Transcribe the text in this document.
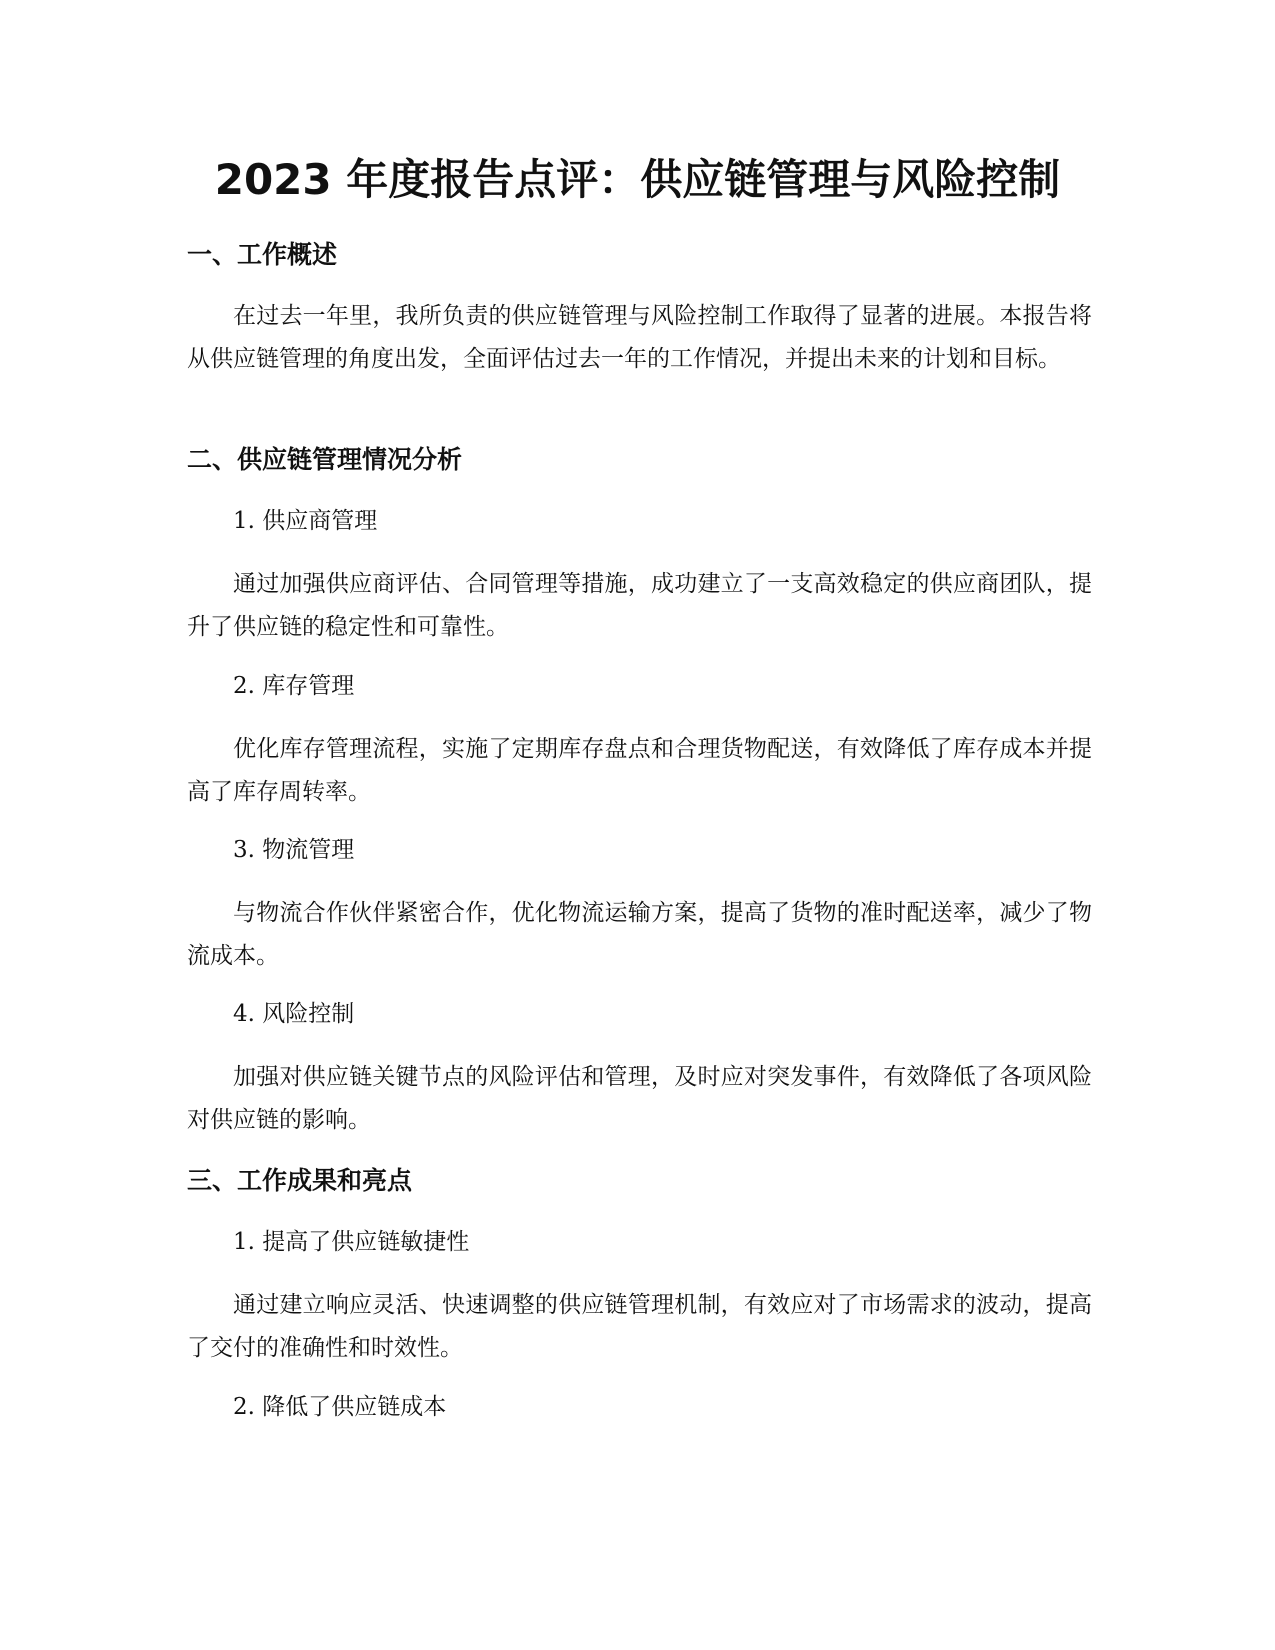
2023 年度报告点评：供应链管理与风险控制
一、工作概述

在过去一年里，我所负责的供应链管理与风险控制工作取得了显著的进展。本报告将从供应链管理的角度出发，全面评估过去一年的工作情况，并提出未来的计划和目标。

二、供应链管理情况分析

1. 供应商管理

通过加强供应商评估、合同管理等措施，成功建立了一支高效稳定的供应商团队，提升了供应链的稳定性和可靠性。

2. 库存管理

优化库存管理流程，实施了定期库存盘点和合理货物配送，有效降低了库存成本并提高了库存周转率。

3. 物流管理

与物流合作伙伴紧密合作，优化物流运输方案，提高了货物的准时配送率，减少了物流成本。

4. 风险控制

加强对供应链关键节点的风险评估和管理，及时应对突发事件，有效降低了各项风险对供应链的影响。

三、工作成果和亮点

1. 提高了供应链敏捷性

通过建立响应灵活、快速调整的供应链管理机制，有效应对了市场需求的波动，提高了交付的准确性和时效性。

2. 降低了供应链成本
